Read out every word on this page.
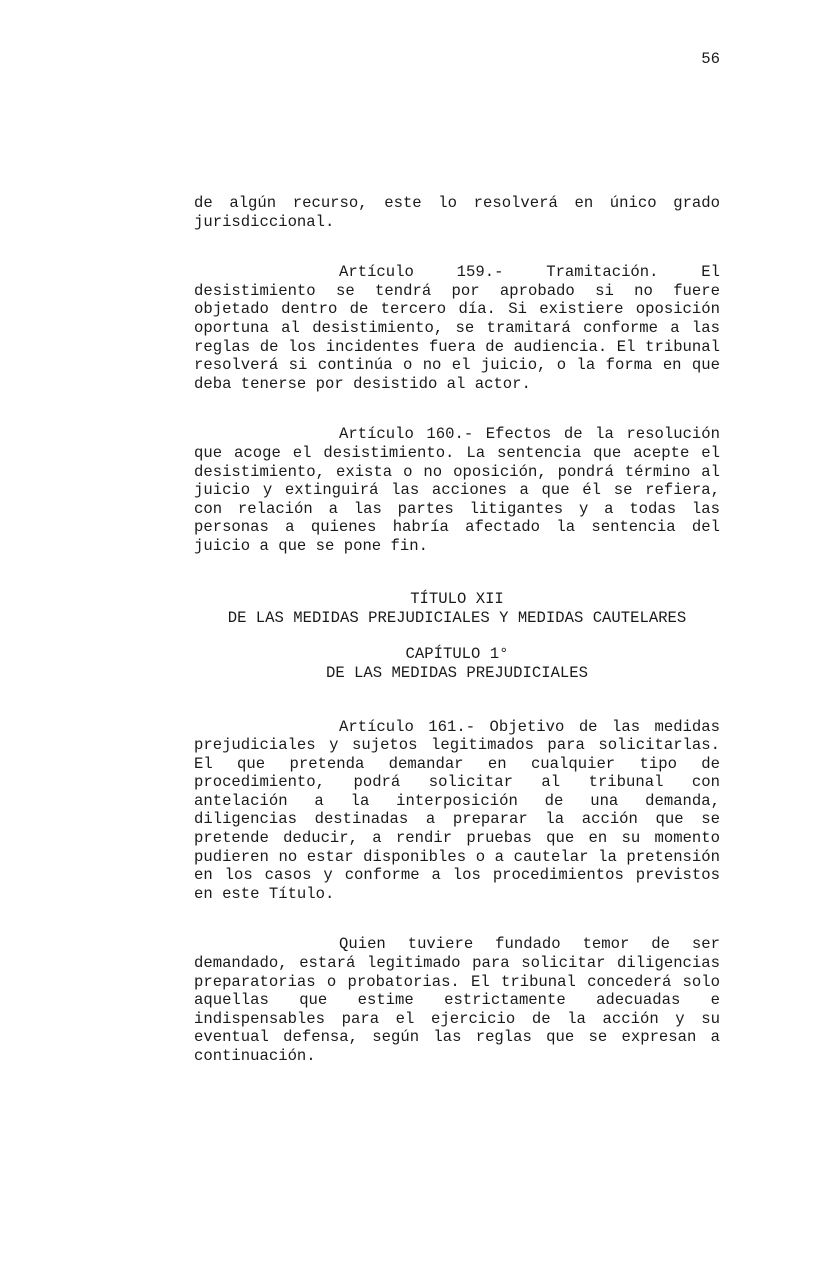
56

de algún recurso, este lo resolverá en único grado jurisdiccional.

Artículo 159.- Tramitación. El desistimiento se tendrá por aprobado si no fuere objetado dentro de tercero día. Si existiere oposición oportuna al desistimiento, se tramitará conforme a las reglas de los incidentes fuera de audiencia. El tribunal resolverá si continúa o no el juicio, o la forma en que deba tenerse por desistido al actor.

Artículo 160.- Efectos de la resolución que acoge el desistimiento. La sentencia que acepte el desistimiento, exista o no oposición, pondrá término al juicio y extinguirá las acciones a que él se refiera, con relación a las partes litigantes y a todas las personas a quienes habría afectado la sentencia del juicio a que se pone fin.

TÍTULO XII
DE LAS MEDIDAS PREJUDICIALES Y MEDIDAS CAUTELARES
CAPÍTULO 1°
DE LAS MEDIDAS PREJUDICIALES

Artículo 161.- Objetivo de las medidas prejudiciales y sujetos legitimados para solicitarlas. El que pretenda demandar en cualquier tipo de procedimiento, podrá solicitar al tribunal con antelación a la interposición de una demanda, diligencias destinadas a preparar la acción que se pretende deducir, a rendir pruebas que en su momento pudieren no estar disponibles o a cautelar la pretensión en los casos y conforme a los procedimientos previstos en este Título.

Quien tuviere fundado temor de ser demandado, estará legitimado para solicitar diligencias preparatorias o probatorias. El tribunal concederá solo aquellas que estime estrictamente adecuadas e indispensables para el ejercicio de la acción y su eventual defensa, según las reglas que se expresan a continuación.
